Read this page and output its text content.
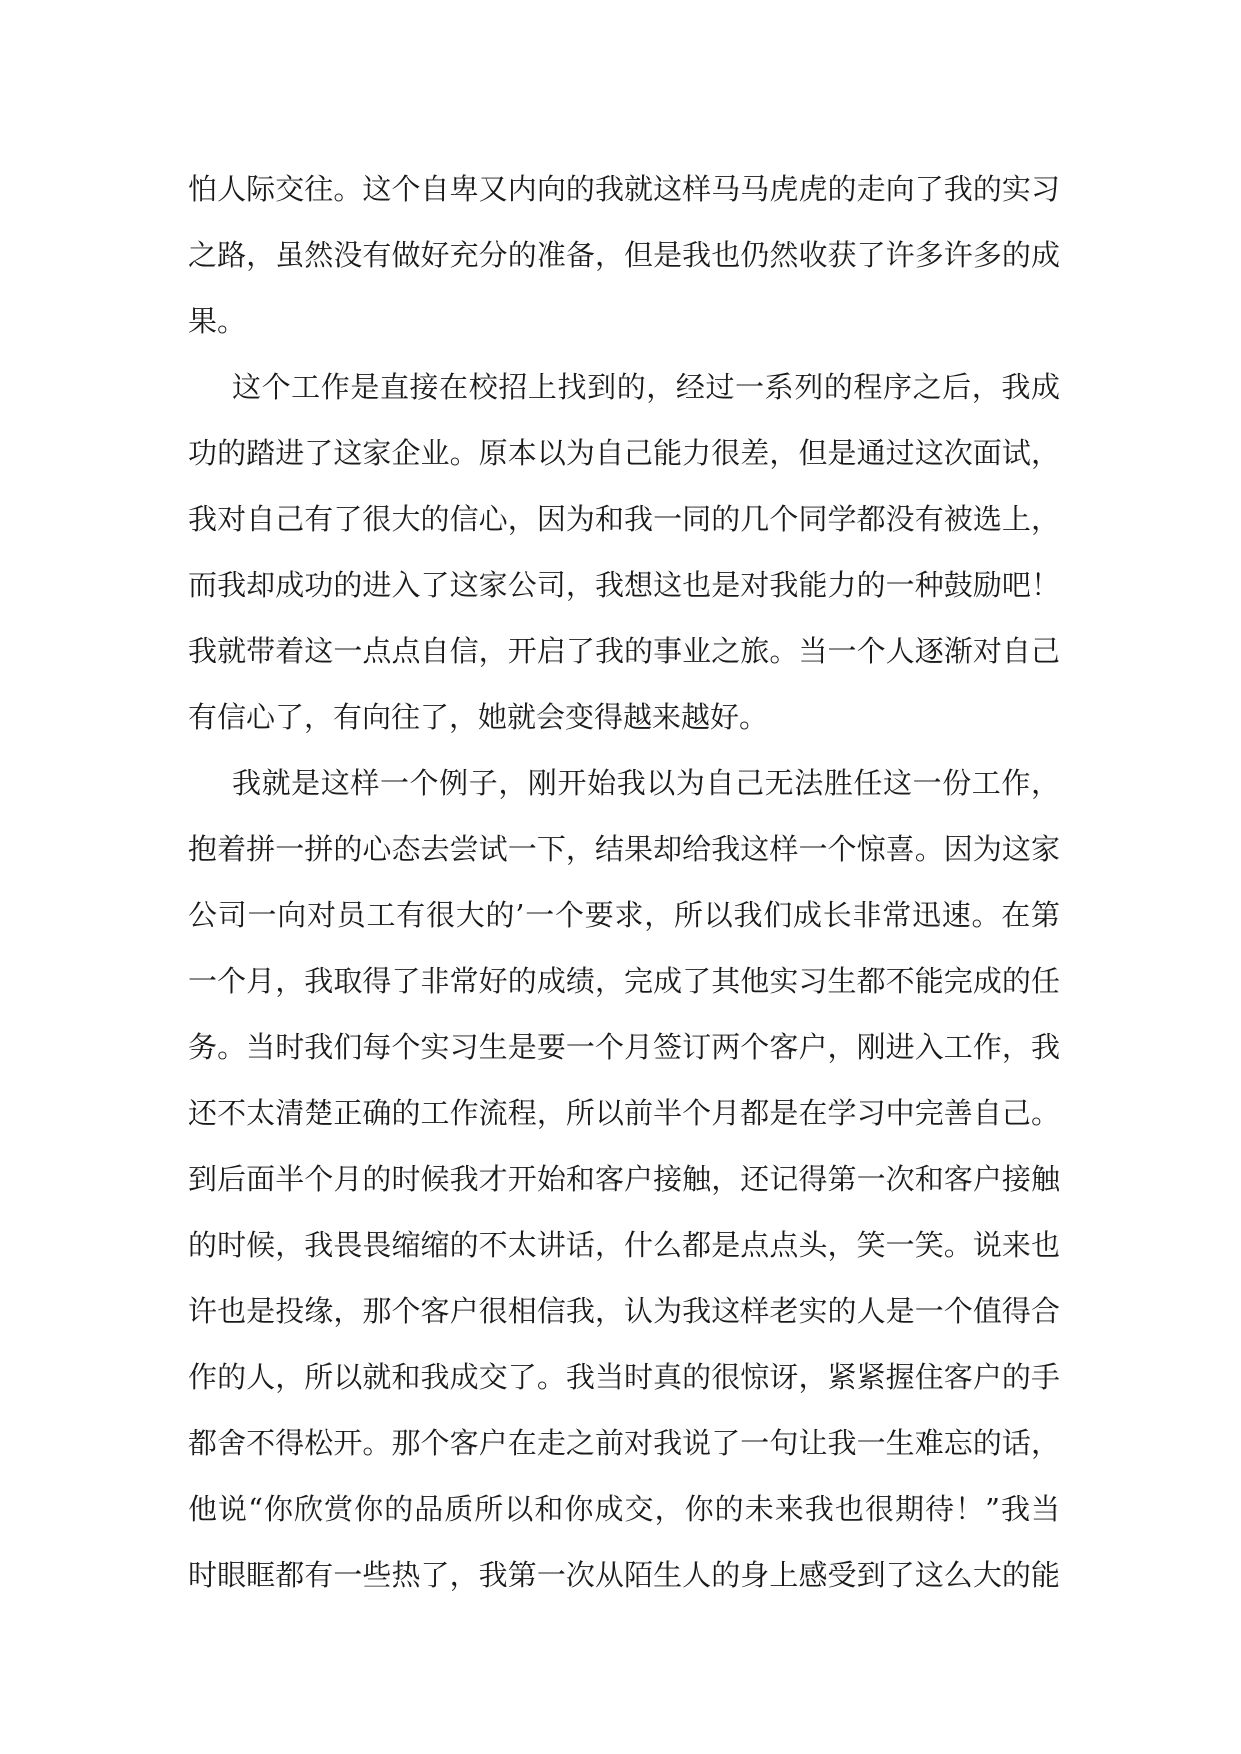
怕人际交往。这个自卑又内向的我就这样马马虎虎的走向了我的实习
之路，虽然没有做好充分的准备，但是我也仍然收获了许多许多的成
果。
这个工作是直接在校招上找到的，经过一系列的程序之后，我成
功的踏进了这家企业。原本以为自己能力很差，但是通过这次面试，
我对自己有了很大的信心，因为和我一同的几个同学都没有被选上，
而我却成功的进入了这家公司，我想这也是对我能力的一种鼓励吧！
我就带着这一点点自信，开启了我的事业之旅。当一个人逐渐对自己
有信心了，有向往了，她就会变得越来越好。
我就是这样一个例子，刚开始我以为自己无法胜任这一份工作，
抱着拼一拼的心态去尝试一下，结果却给我这样一个惊喜。因为这家
公司一向对员工有很大的’一个要求，所以我们成长非常迅速。在第
一个月，我取得了非常好的成绩，完成了其他实习生都不能完成的任
务。当时我们每个实习生是要一个月签订两个客户，刚进入工作，我
还不太清楚正确的工作流程，所以前半个月都是在学习中完善自己。
到后面半个月的时候我才开始和客户接触，还记得第一次和客户接触
的时候，我畏畏缩缩的不太讲话，什么都是点点头，笑一笑。说来也
许也是投缘，那个客户很相信我，认为我这样老实的人是一个值得合
作的人，所以就和我成交了。我当时真的很惊讶，紧紧握住客户的手
都舍不得松开。那个客户在走之前对我说了一句让我一生难忘的话，
他说“你欣赏你的品质所以和你成交，你的未来我也很期待！”我当
时眼眶都有一些热了，我第一次从陌生人的身上感受到了这么大的能
